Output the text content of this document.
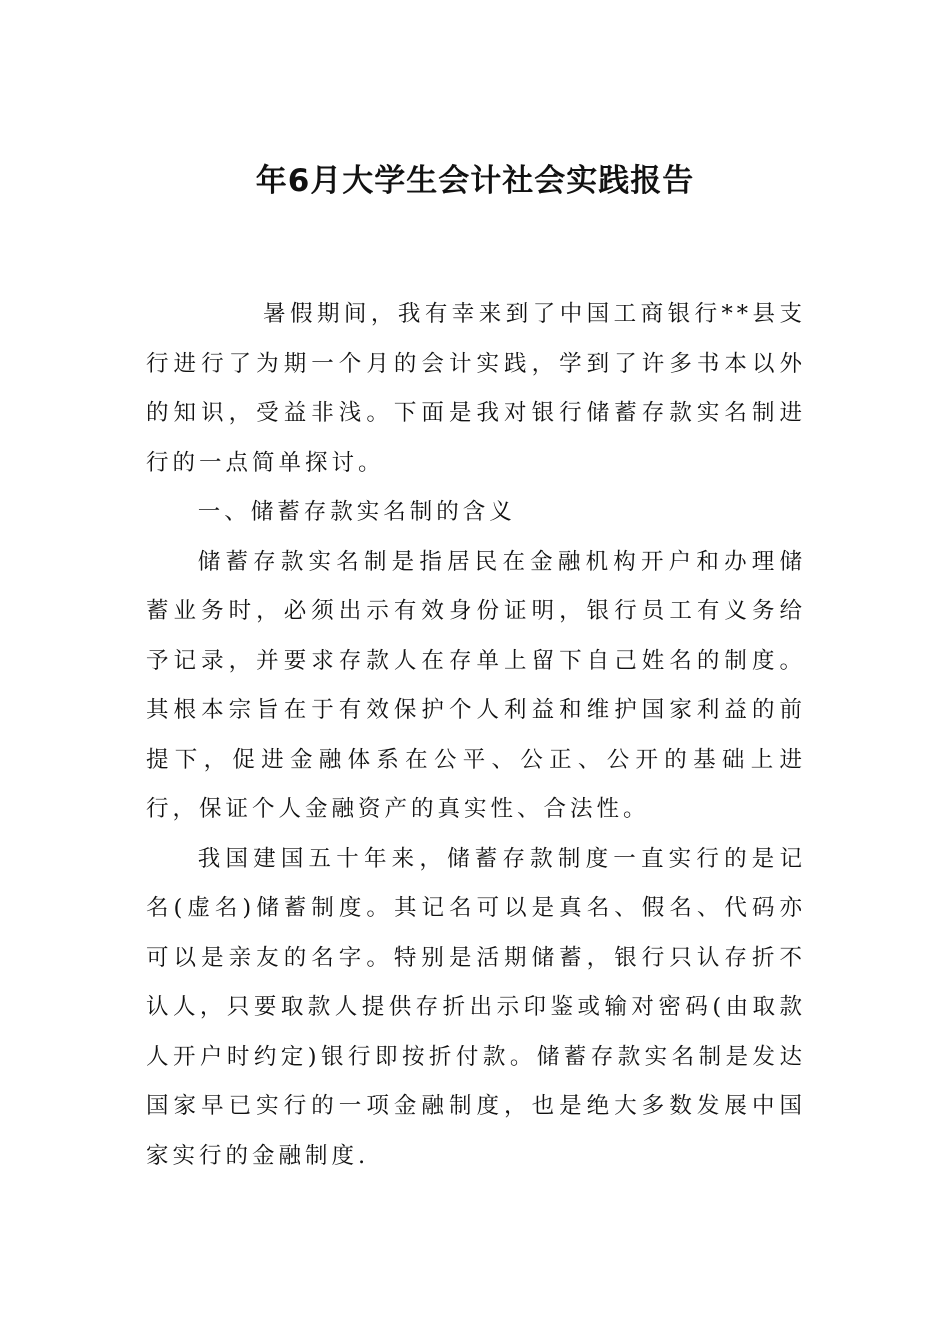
年6月大学生会计社会实践报告

暑假期间，我有幸来到了中国工商银行**县支行进行了为期一个月的会计实践，学到了许多书本以外的知识，受益非浅。下面是我对银行储蓄存款实名制进行的一点简单探讨。

一、储蓄存款实名制的含义

储蓄存款实名制是指居民在金融机构开户和办理储蓄业务时，必须出示有效身份证明，银行员工有义务给予记录，并要求存款人在存单上留下自己姓名的制度。其根本宗旨在于有效保护个人利益和维护国家利益的前提下，促进金融体系在公平、公正、公开的基础上进行，保证个人金融资产的真实性、合法性。

我国建国五十年来，储蓄存款制度一直实行的是记名(虚名)储蓄制度。其记名可以是真名、假名、代码亦可以是亲友的名字。特别是活期储蓄，银行只认存折不认人，只要取款人提供存折出示印鉴或输对密码(由取款人开户时约定)银行即按折付款。储蓄存款实名制是发达国家早已实行的一项金融制度，也是绝大多数发展中国家实行的金融制度.
